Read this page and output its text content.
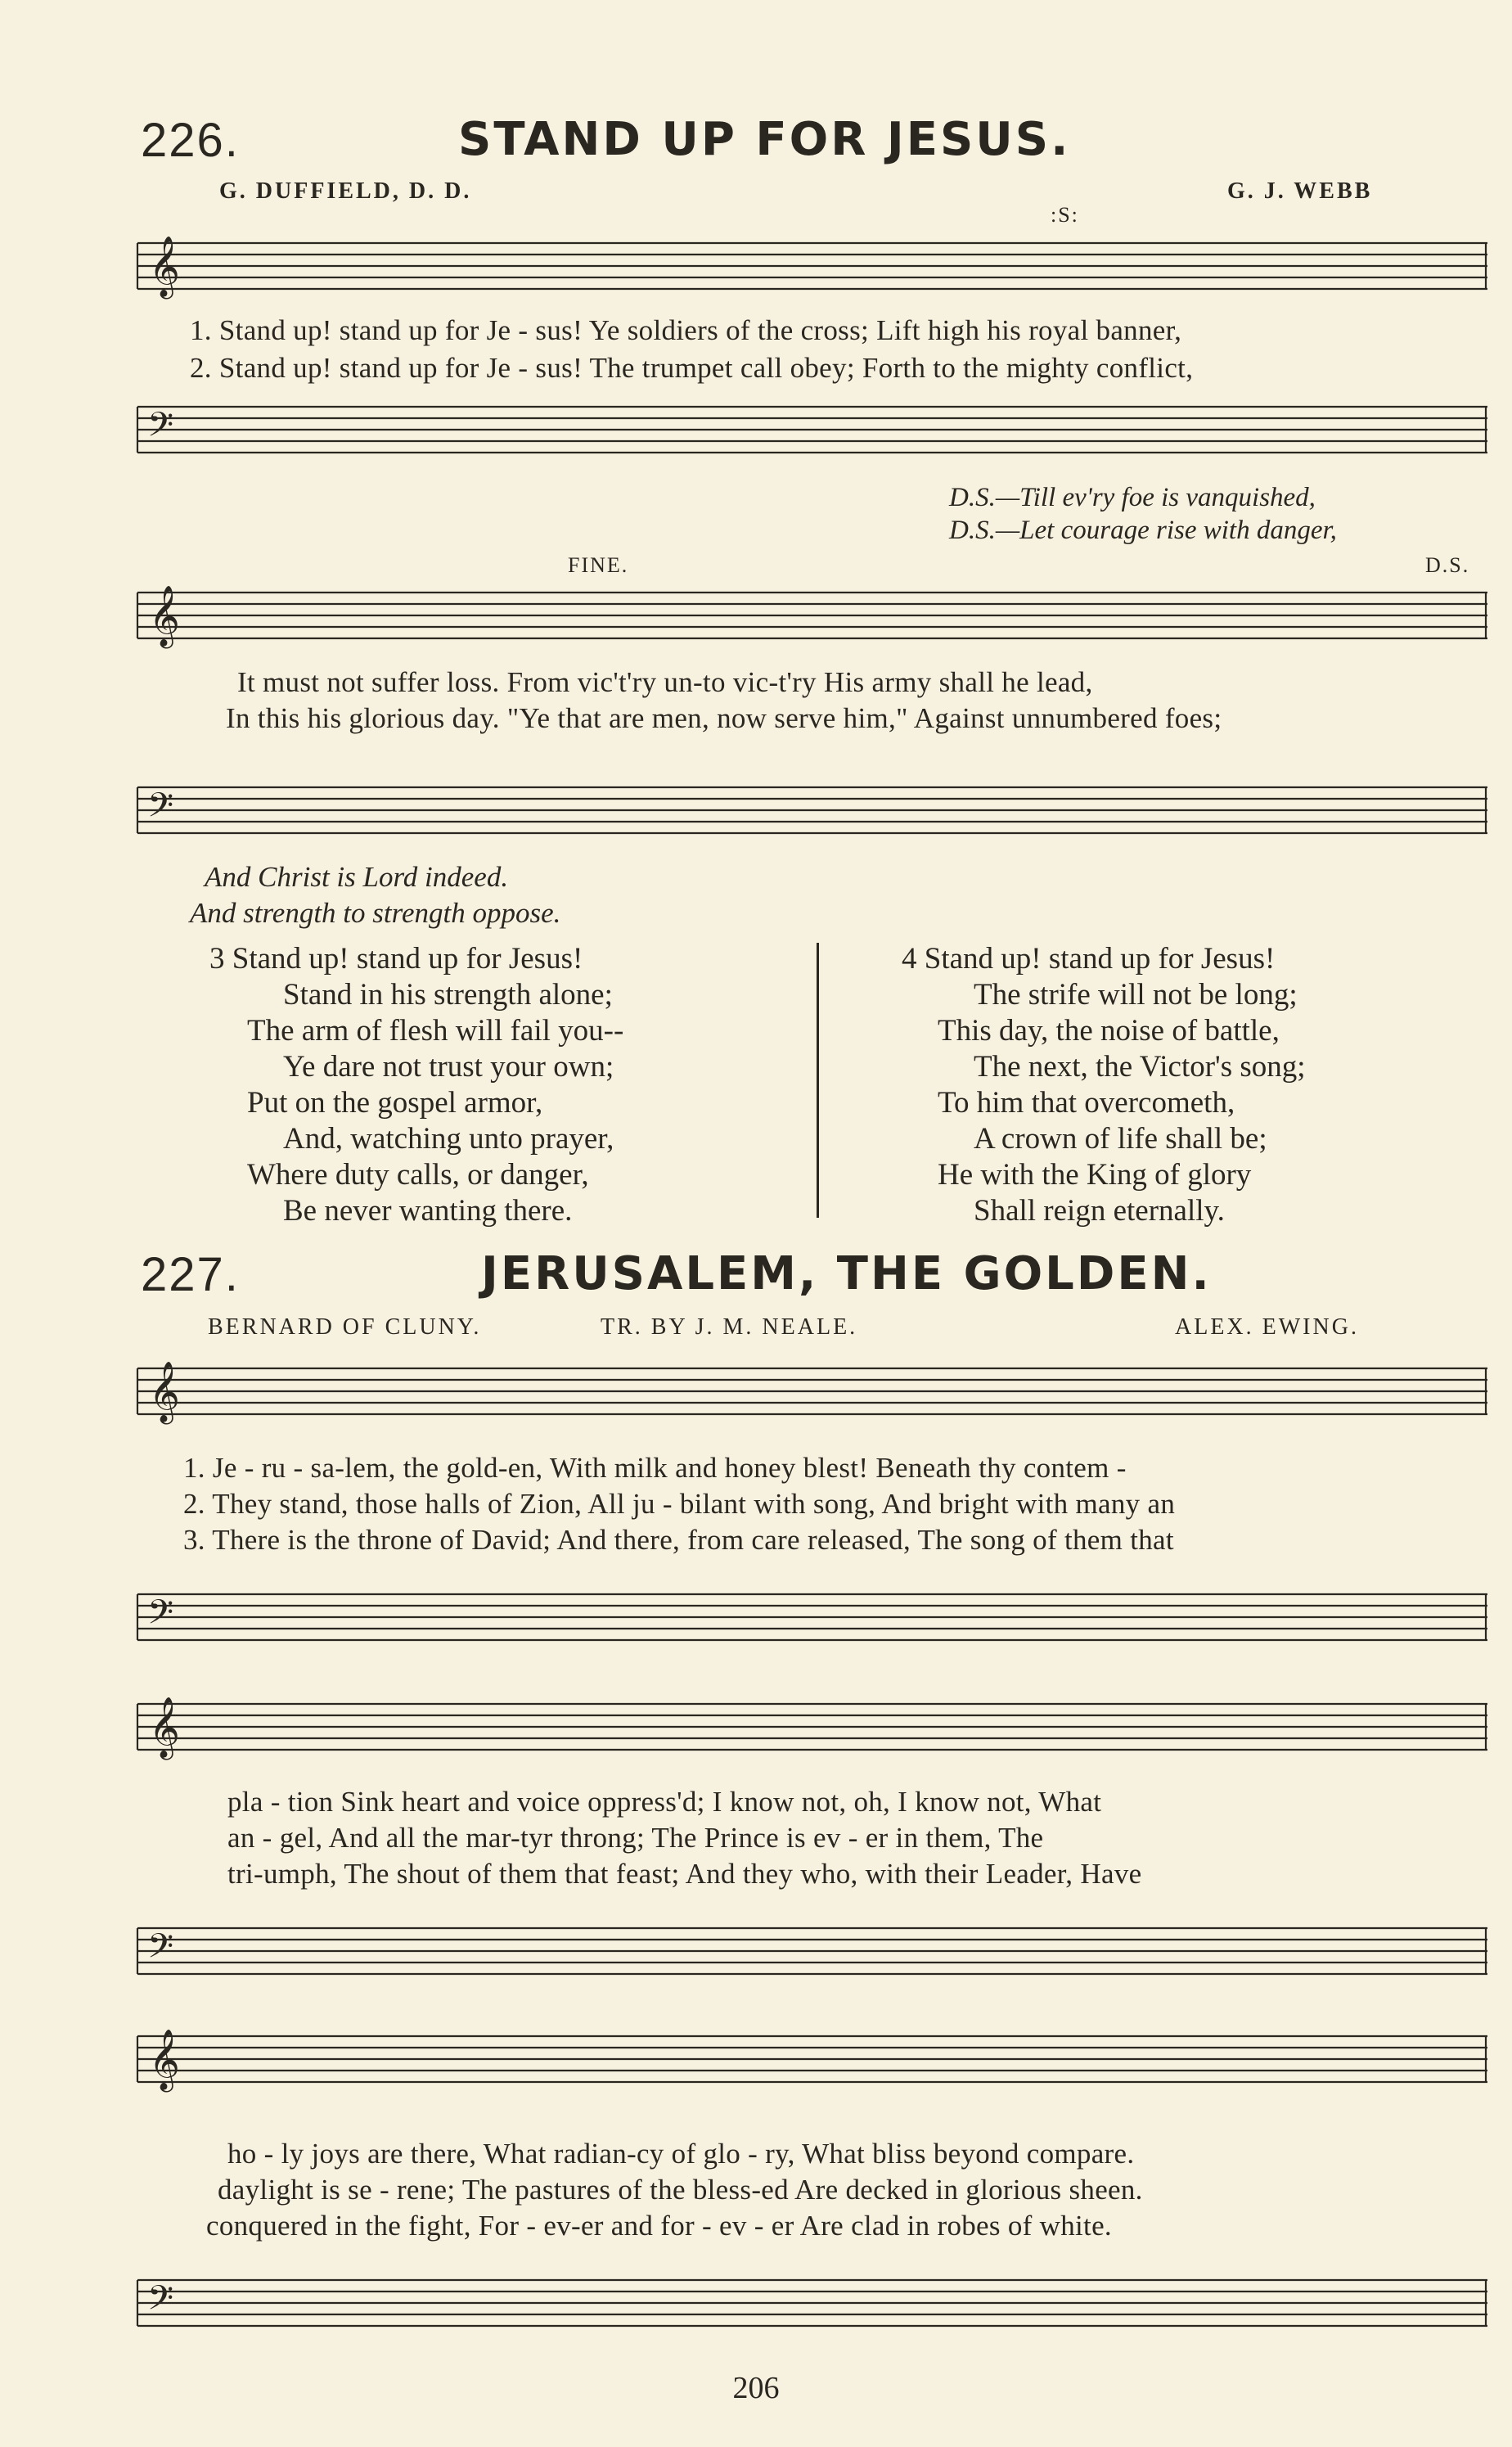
226.	STAND UP FOR JESUS.
G. DUFFIELD, D. D.	G. J. WEBB
:S:
𝄞
1. Stand up! stand up for Je - sus! Ye soldiers of the cross; Lift high his royal banner,
2. Stand up! stand up for Je - sus! The trumpet call obey; Forth to the mighty conflict,
𝄢
D.S.—Till ev'ry foe is vanquished,
D.S.—Let courage rise with danger,
FINE.	D.S.
𝄞
It must not suffer loss. From vic't'ry un-to vic-t'ry His army shall he lead,
In this his glorious day. "Ye that are men, now serve him," Against unnumbered foes;
𝄢
And Christ is Lord indeed.
And strength to strength oppose.
3 Stand up! stand up for Jesus!
Stand in his strength alone;
The arm of flesh will fail you--
Ye dare not trust your own;
Put on the gospel armor,
And, watching unto prayer,
Where duty calls, or danger,
Be never wanting there.
4 Stand up! stand up for Jesus!
The strife will not be long;
This day, the noise of battle,
The next, the Victor's song;
To him that overcometh,
A crown of life shall be;
He with the King of glory
Shall reign eternally.
227.	JERUSALEM, THE GOLDEN.
BERNARD OF CLUNY.	TR. BY J. M. NEALE.	ALEX. EWING.
𝄞
1. Je - ru - sa-lem, the gold-en, With milk and honey blest! Beneath thy contem -
2. They stand, those halls of Zion, All ju - bilant with song, And bright with many an
3. There is the throne of David; And there, from care released, The song of them that
𝄢
𝄞
pla - tion Sink heart and voice oppress'd; I know not, oh, I know not, What
an - gel, And all the mar-tyr throng; The Prince is ev - er in them, The
tri-umph, The shout of them that feast; And they who, with their Leader, Have
𝄢
𝄞
ho - ly joys are there, What radian-cy of glo - ry, What bliss beyond compare.
daylight is se - rene; The pastures of the bless-ed Are decked in glorious sheen.
conquered in the fight, For - ev-er and for - ev - er Are clad in robes of white.
𝄢
206
